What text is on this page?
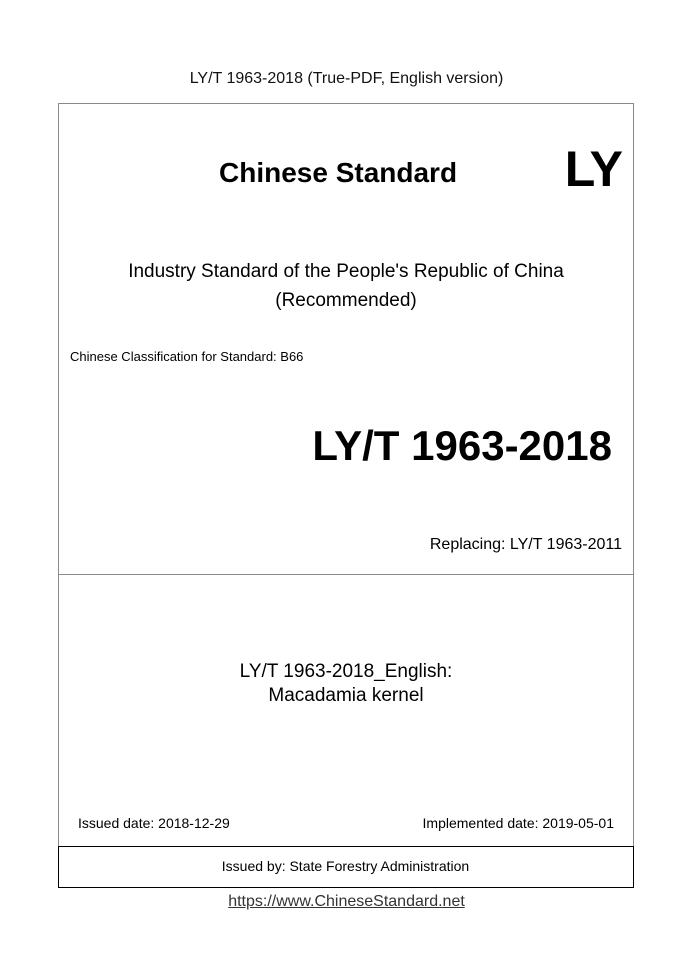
LY/T 1963-2018 (True-PDF, English version)
Chinese Standard LY
Industry Standard of the People's Republic of China
(Recommended)
Chinese Classification for Standard: B66
LY/T 1963-2018
Replacing: LY/T 1963-2011
LY/T 1963-2018_English:
Macadamia kernel
Issued date: 2018-12-29	Implemented date: 2019-05-01
Issued by: State Forestry Administration
https://www.ChineseStandard.net
